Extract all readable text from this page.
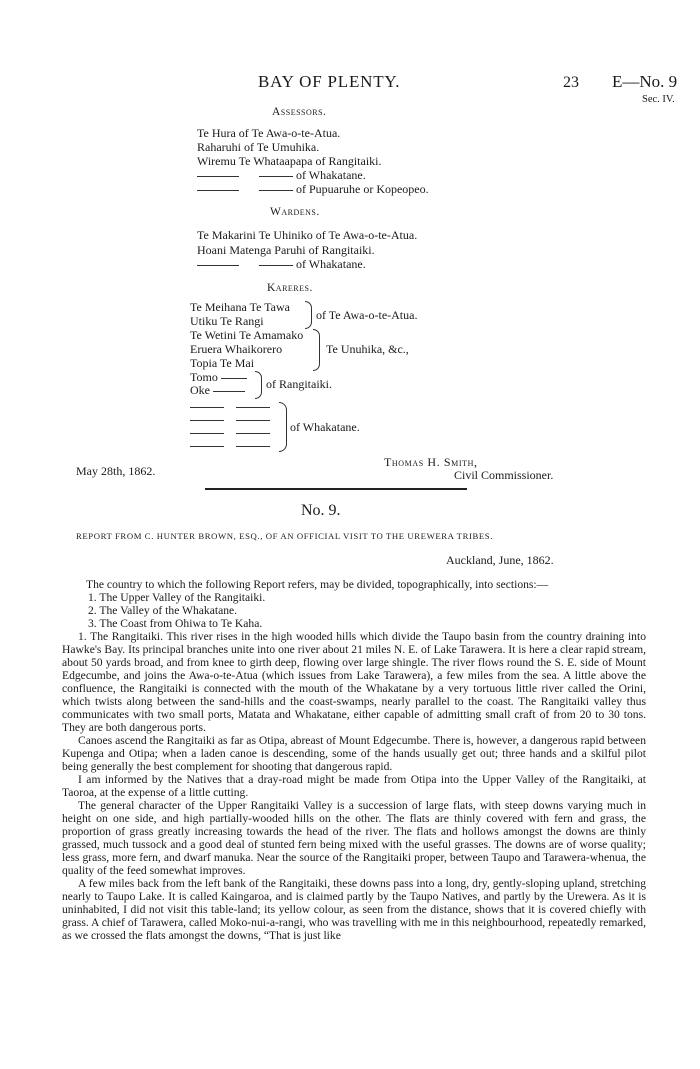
BAY OF PLENTY.	23 E—No. 9
Sec. IV.
Assessors.
Te Hura of Te Awa-o-te-Atua.
Raharuhi of Te Umuhika.
Wiremu Te Whataapapa of Rangitaiki.
of Whakatane.
of Pupuaruhe or Kopeopeo.
Wardens.
Te Makarini Te Uhiniko of Te Awa-o-te-Atua.
Hoani Matenga Paruhi of Rangitaiki.
of Whakatane.
Kareres.
Te Meihana Te Tawa
Utiku Te Rangi	of Te Awa-o-te-Atua.
Te Wetini Te Amamako
Eruera Whaikorero
Topia Te Mai
Te Unuhika, &c.,
Tomo
Oke	of Rangitaiki.
of Whakatane.
Thomas H. Smith,
May 28th, 1862.	Civil Commissioner.
No. 9.
REPORT FROM C. HUNTER BROWN, ESQ., OF AN OFFICIAL VISIT TO THE UREWERA TRIBES.
Auckland, June, 1862.

The country to which the following Report refers, may be divided, topographically, into sections:—

1. The Upper Valley of the Rangitaiki.
2. The Valley of the Whakatane.
3. The Coast from Ohiwa to Te Kaha.

1. The Rangitaiki. This river rises in the high wooded hills which divide the Taupo basin from the country draining into Hawke's Bay. Its principal branches unite into one river about 21 miles N. E. of Lake Tarawera. It is here a clear rapid stream, about 50 yards broad, and from knee to girth deep, flowing over large shingle. The river flows round the S. E. side of Mount Edgecumbe, and joins the Awa-o-te-Atua (which issues from Lake Tarawera), a few miles from the sea. A little above the confluence, the Rangitaiki is connected with the mouth of the Whakatane by a very tortuous little river called the Orini, which twists along between the sand-hills and the coast-swamps, nearly parallel to the coast. The Rangitaiki valley thus communicates with two small ports, Matata and Whakatane, either capable of admitting small craft of from 20 to 30 tons. They are both dangerous ports.

Canoes ascend the Rangitaiki as far as Otipa, abreast of Mount Edgecumbe. There is, however, a dangerous rapid between Kupenga and Otipa; when a laden canoe is descending, some of the hands usually get out; three hands and a skilful pilot being generally the best complement for shooting that dangerous rapid.

I am informed by the Natives that a dray-road might be made from Otipa into the Upper Valley of the Rangitaiki, at Taoroa, at the expense of a little cutting.

The general character of the Upper Rangitaiki Valley is a succession of large flats, with steep downs varying much in height on one side, and high partially-wooded hills on the other. The flats are thinly covered with fern and grass, the proportion of grass greatly increasing towards the head of the river. The flats and hollows amongst the downs are thinly grassed, much tussock and a good deal of stunted fern being mixed with the useful grasses. The downs are of worse quality; less grass, more fern, and dwarf manuka. Near the source of the Rangitaiki proper, between Taupo and Tarawera-whenua, the quality of the feed somewhat improves.

A few miles back from the left bank of the Rangitaiki, these downs pass into a long, dry, gently-sloping upland, stretching nearly to Taupo Lake. It is called Kaingaroa, and is claimed partly by the Taupo Natives, and partly by the Urewera. As it is uninhabited, I did not visit this table-land; its yellow colour, as seen from the distance, shows that it is covered chiefly with grass. A chief of Tarawera, called Moko-nui-a-rangi, who was travelling with me in this neighbourhood, repeatedly remarked, as we crossed the flats amongst the downs, “That is just like
